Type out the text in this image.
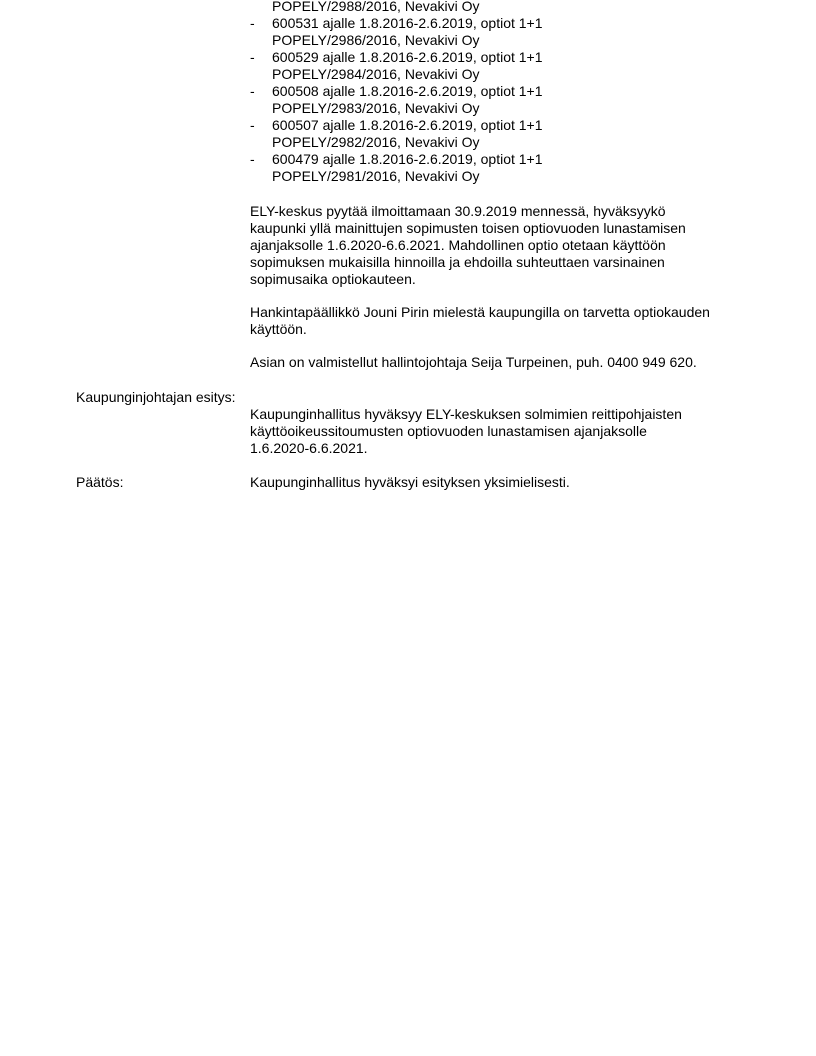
POPELY/2988/2016, Nevakivi Oy
-	600531 ajalle 1.8.2016-2.6.2019, optiot 1+1
POPELY/2986/2016, Nevakivi Oy
-	600529 ajalle 1.8.2016-2.6.2019, optiot 1+1
POPELY/2984/2016, Nevakivi Oy
-	600508 ajalle 1.8.2016-2.6.2019, optiot 1+1
POPELY/2983/2016, Nevakivi Oy
-	600507 ajalle 1.8.2016-2.6.2019, optiot 1+1
POPELY/2982/2016, Nevakivi Oy
-	600479 ajalle 1.8.2016-2.6.2019, optiot 1+1
POPELY/2981/2016, Nevakivi Oy

ELY-keskus pyytää ilmoittamaan 30.9.2019 mennessä, hyväksyykö
kaupunki yllä mainittujen sopimusten toisen optiovuoden lunastamisen
ajanjaksolle 1.6.2020-6.6.2021. Mahdollinen optio otetaan käyttöön
sopimuksen mukaisilla hinnoilla ja ehdoilla suhteuttaen varsinainen
sopimusaika optiokauteen.

Hankintapäällikkö Jouni Pirin mielestä kaupungilla on tarvetta optiokauden
käyttöön.

Asian on valmistellut hallintojohtaja Seija Turpeinen, puh. 0400 949 620.

Kaupunginjohtajan esitys:

Kaupunginhallitus hyväksyy ELY-keskuksen solmimien reittipohjaisten
käyttöoikeussitoumusten optiovuoden lunastamisen ajanjaksolle
1.6.2020-6.6.2021.

Päätös:	Kaupunginhallitus hyväksyi esityksen yksimielisesti.
